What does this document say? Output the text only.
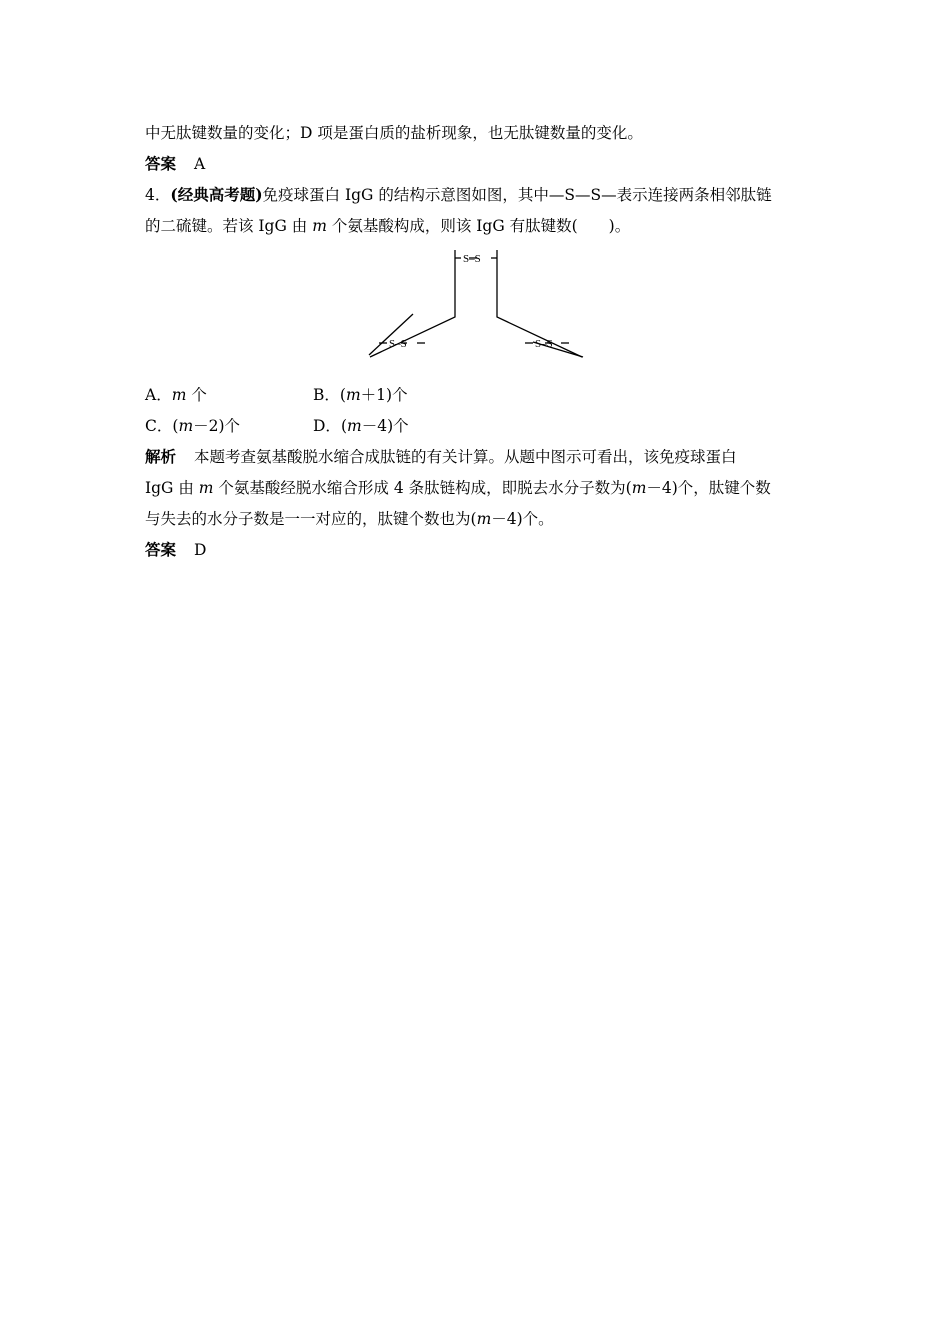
中无肽键数量的变化；D 项是蛋白质的盐析现象，也无肽键数量的变化。
答案 A
4．(经典高考题)免疫球蛋白 IgG 的结构示意图如图，其中—S—S—表示连接两条相邻肽链
的二硫键。若该 IgG 由 m 个氨基酸构成，则该 IgG 有肽键数(　　)。
S–S
S–S	S–S
A．m 个	B．(m＋1)个
C．(m－2)个	D．(m－4)个
解析 本题考查氨基酸脱水缩合成肽链的有关计算。从题中图示可看出，该免疫球蛋白
IgG 由 m 个氨基酸经脱水缩合形成 4 条肽链构成，即脱去水分子数为(m－4)个，肽键个数
与失去的水分子数是一一对应的，肽键个数也为(m－4)个。
答案 D
